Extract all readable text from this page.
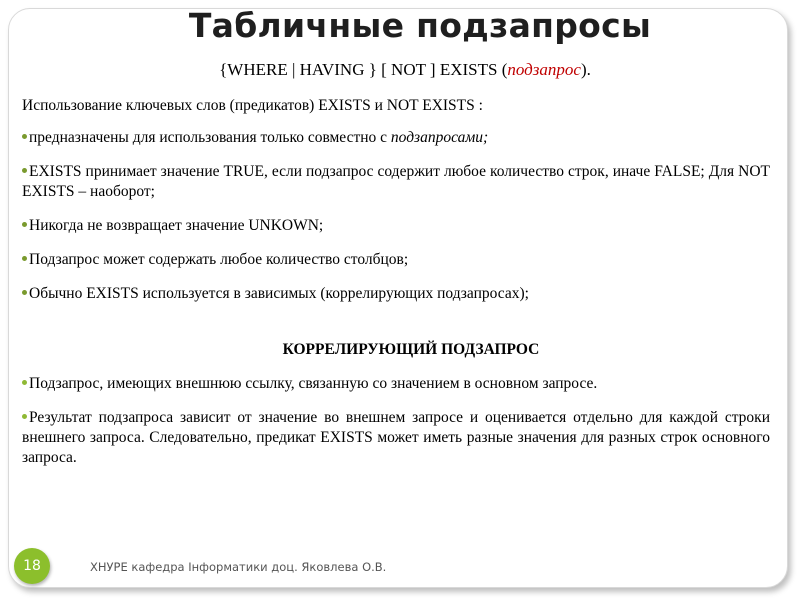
Табличные подзапросы
{WHERE | HAVING } [ NOT ] EXISTS (подзапрос).

Использование ключевых слов (предикатов) EXISTS и NOT EXISTS :

предназначены для использования только совместно с подзапросами;

EXISTS принимает значение TRUE, если подзапрос содержит любое количество строк, иначе FALSE; Для NOT EXISTS – наоборот;

Никогда не возвращает значение UNKOWN;

Подзапрос может содержать любое количество столбцов;

Обычно EXISTS используется в зависимых (коррелирующих подзапросах);

КОРРЕЛИРУЮЩИЙ ПОДЗАПРОС

Подзапрос, имеющих внешнюю ссылку, связанную со значением в основном запросе.

Результат подзапроса зависит от значение во внешнем запросе и оценивается отдельно для каждой строки внешнего запроса. Следовательно, предикат EXISTS может иметь разные значения для разных строк основного запроса.

18	ХНУРЕ кафедра Інформатики доц. Яковлева О.В.
